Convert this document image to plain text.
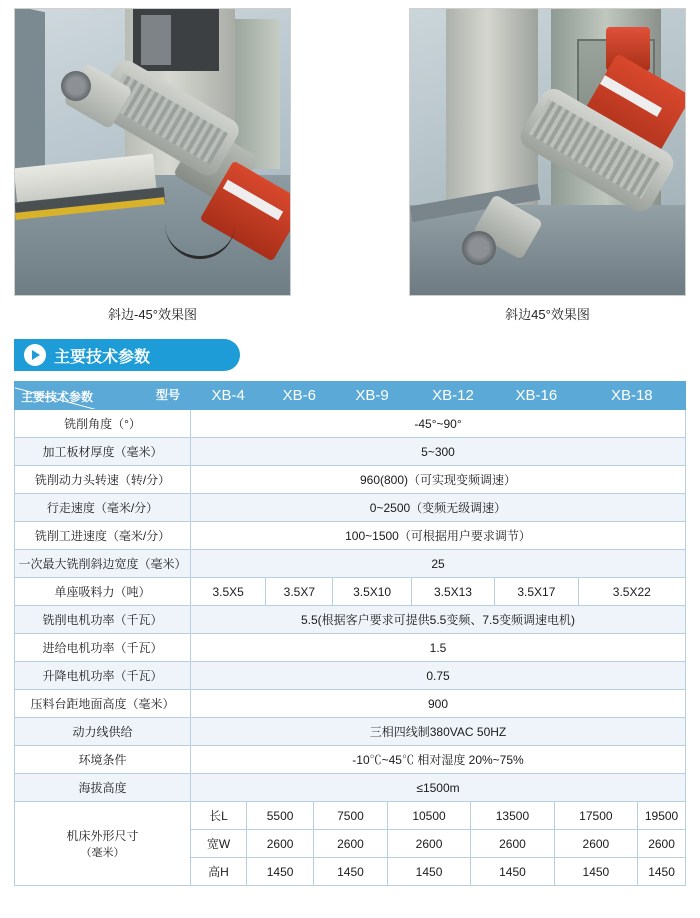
斜边-45°效果图	斜边45°效果图
主要技术参数
型号
主要技术参数	XB-4		XB-6		XB-9		XB-12		XB-16		XB-18	
铣削角度（°）	-45°~90°											
加工板材厚度（毫米）	5~300											
铣削动力头转速（转/分）	960(800)（可实现变频调速）											
行走速度（毫米/分）	0~2500（变频无级调速）											
铣削工进速度（毫米/分）	100~1500（可根据用户要求调节）											
一次最大铣削斜边宽度（毫米）	25											
单座吸料力（吨）	3.5X5		3.5X7		3.5X10		3.5X13		3.5X17		3.5X22	
铣削电机功率（千瓦）	5.5(根据客户要求可提供5.5变频、7.5变频调速电机)											
进给电机功率（千瓦）	1.5											
升降电机功率（千瓦）	0.75											
压料台距地面高度（毫米）	900											
动力线供给	三相四线制380VAC 50HZ											
环境条件	-10℃~45℃ 相对湿度 20%~75%											
海拔高度	≤1500m											
机床外形尺寸
（毫米）	长L	5500		7500		10500		13500		17500		19500
	宽W	2600		2600		2600		2600		2600		2600
	高H	1450		1450		1450		1450		1450		1450
